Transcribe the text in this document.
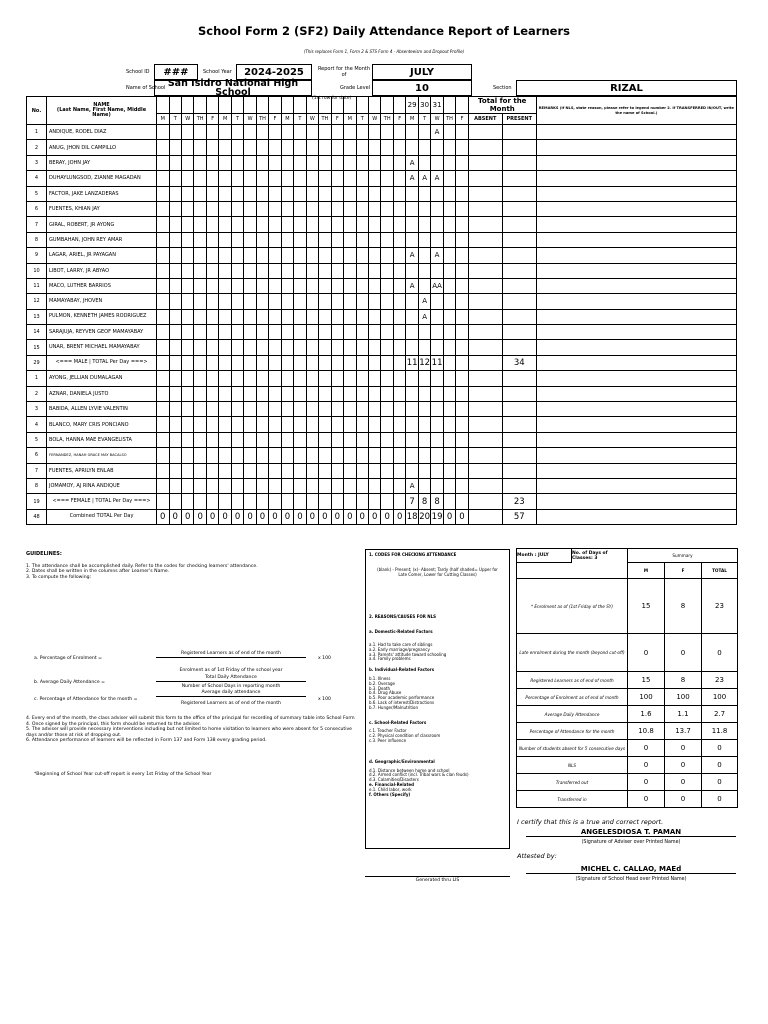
School Form 2 (SF2) Daily Attendance Report of Learners
(This replaces Form 1, Form 2 & STS Form 4 - Absenteeism and Dropout Profile)
School ID	###	School Year	2024-2025	Report for the Month of	JULY
Name of School San Isidro National High School	Grade Level	10	Section	RIZAL
(1st row for date)
No.	NAME
(Last Name, First Name, Middle Name)																					29	30	31			Total for the Month		REMARKS (If NLS, state reason, please refer to legend number 2. If TRANSFERRED IN/OUT, write the name of School.)
		M	T	W	TH	F	M	T	W	TH	F	M	T	W	TH	F	M	T	W	TH	F	M	T	W	TH	F	ABSENT	PRESENT	
1	ANDIQUE, RODEL DIAZ																							A					
2	ANUG, JHON DIL CAMPILLO																												
3	BERAY, JOHN JAY																					A							
4	DUHAYLUNGSOD, ZIANNE MAGADAN																					A	A	A					
5	FACTOR, JAKE LANZADERAS																												
6	FUENTES, KHIAN JAY																												
7	GIRAL, ROBERT, JR AYONG																												
8	GUMBAHAN, JOHN REY AMAR																												
9	LAGAR, ARIEL, JR PAYAGAN																					A		A					
10	LIBOT, LARRY, JR ABYAO																												
11	MACO, LUTHER BARRIOS																					A		AA					
12	MAMAYABAY, JHOVEN																						A						
13	PULMON, KENNETH JAMES RODRIGUEZ																						A						
14	SARAJUJA, REYVEN GEOF MAMAYABAY																												
15	UNAR, BRENT MICHAEL MAMAYABAY																												
29	<=== MALE | TOTAL Per Day ===>																					11	12	11				34	
1	AYONG, JELLIAN DUMALAGAN																												
2	AZNAR, DANIELA JUSTO																												
3	BABIDA, ALLEN LYVIE VALENTIN																												
4	BLANCO, MARY CRIS PONCIANO																												
5	BOLA, HANNA MAE EVANGELISTA																												
6	FERNANDEZ, HANAH GRACE MAY BACALSO																												
7	FUENTES, APRILYN ENLAB																												
8	JOMAMOY, AJ RINA ANDIQUE																					A							
19	<=== FEMALE | TOTAL Per Day ===>																					7	8	8				23	
48	Combined TOTAL Per Day	0	0	0	0	0	0	0	0	0	0	0	0	0	0	0	0	0	0	0	0	18	20	19	0	0		57	
GUIDELINES:
1. The attendance shall be accomplished daily. Refer to the codes for checking learners' attendance.
2. Dates shall be written in the columns after Learner's Name.
3. To compute the following:
a. Percentage of Enrolment =
Registered Learners as of end of the month
Enrolment as of 1st Friday of the school year
x 100
b. Average Daily Attendance =
Total Daily Attendance
Number of School Days in reporting month
c. Percentage of Attendance for the month =
Average daily attendance
Registered Learners as of end of the month
x 100
4. Every end of the month, the class adviser will submit this form to the office of the principal for recording of summary table into School Form 4. Once signed by the principal, this form should be returned to the adviser.
5. The adviser will provide necessary interventions including but not limited to home visitation to learners who were absent for 5 consecutive days and/or those at risk of dropping out.
6. Attendance performance of learners will be reflected in Form 137 and Form 138 every grading period.
*Beginning of School Year cut-off report is every 1st Friday of the School Year
1. CODES FOR CHECKING ATTENDANCE
(blank) - Present; (x)- Absent; Tardy (half shaded= Upper for Late Comer, Lower for Cutting Classes)
2. REASONS/CAUSES FOR NLS
a. Domestic-Related Factors
a.1. Had to take care of siblings
a.2. Early marriage/pregnancy
a.3. Parents' attitude toward schooling
a.4. Family problems
b. Individual-Related Factors
b.1. Illness
b.2. Overage
b.3. Death
b.4. Drug Abuse
b.5. Poor academic performance
b.6. Lack of interest/Distractions
b.7. Hunger/Malnutrition
c. School-Related Factors
c.1. Teacher Factor
c.2. Physical condition of classroom
c.3. Peer influence
d. Geographic/Environmental
d.1. Distance between home and school
d.2. Armed conflict (incl. Tribal wars & clan feuds)
d.3. Calamities/Disasters
e. Financial-Related
e.1. Child labor, work
f. Others (Specify)
Generated thru LIS
Month : JULY	No. of Days of Classes: 3	Summary		
		M	F	TOTAL
* Enrolment as of (1st Friday of the SY)		15	8	23
Late enrolment during the month (beyond cut-off)		0	0	0
Registered Learners as of end of month		15	8	23
Percentage of Enrolment as of end of month		100	100	100
Average Daily Attendance		1.6	1.1	2.7
Percentage of Attendance for the month		10.8	13.7	11.8
Number of students absent for 5 consecutive days		0	0	0
NLS		0	0	0
Transferred out		0	0	0
Transferred in		0	0	0
I certify that this is a true and correct report.
ANGELESDIOSA T. PAMAN
(Signature of Adviser over Printed Name)
Attested by:
MICHEL C. CALLAO, MAEd
(Signature of School Head over Printed Name)
